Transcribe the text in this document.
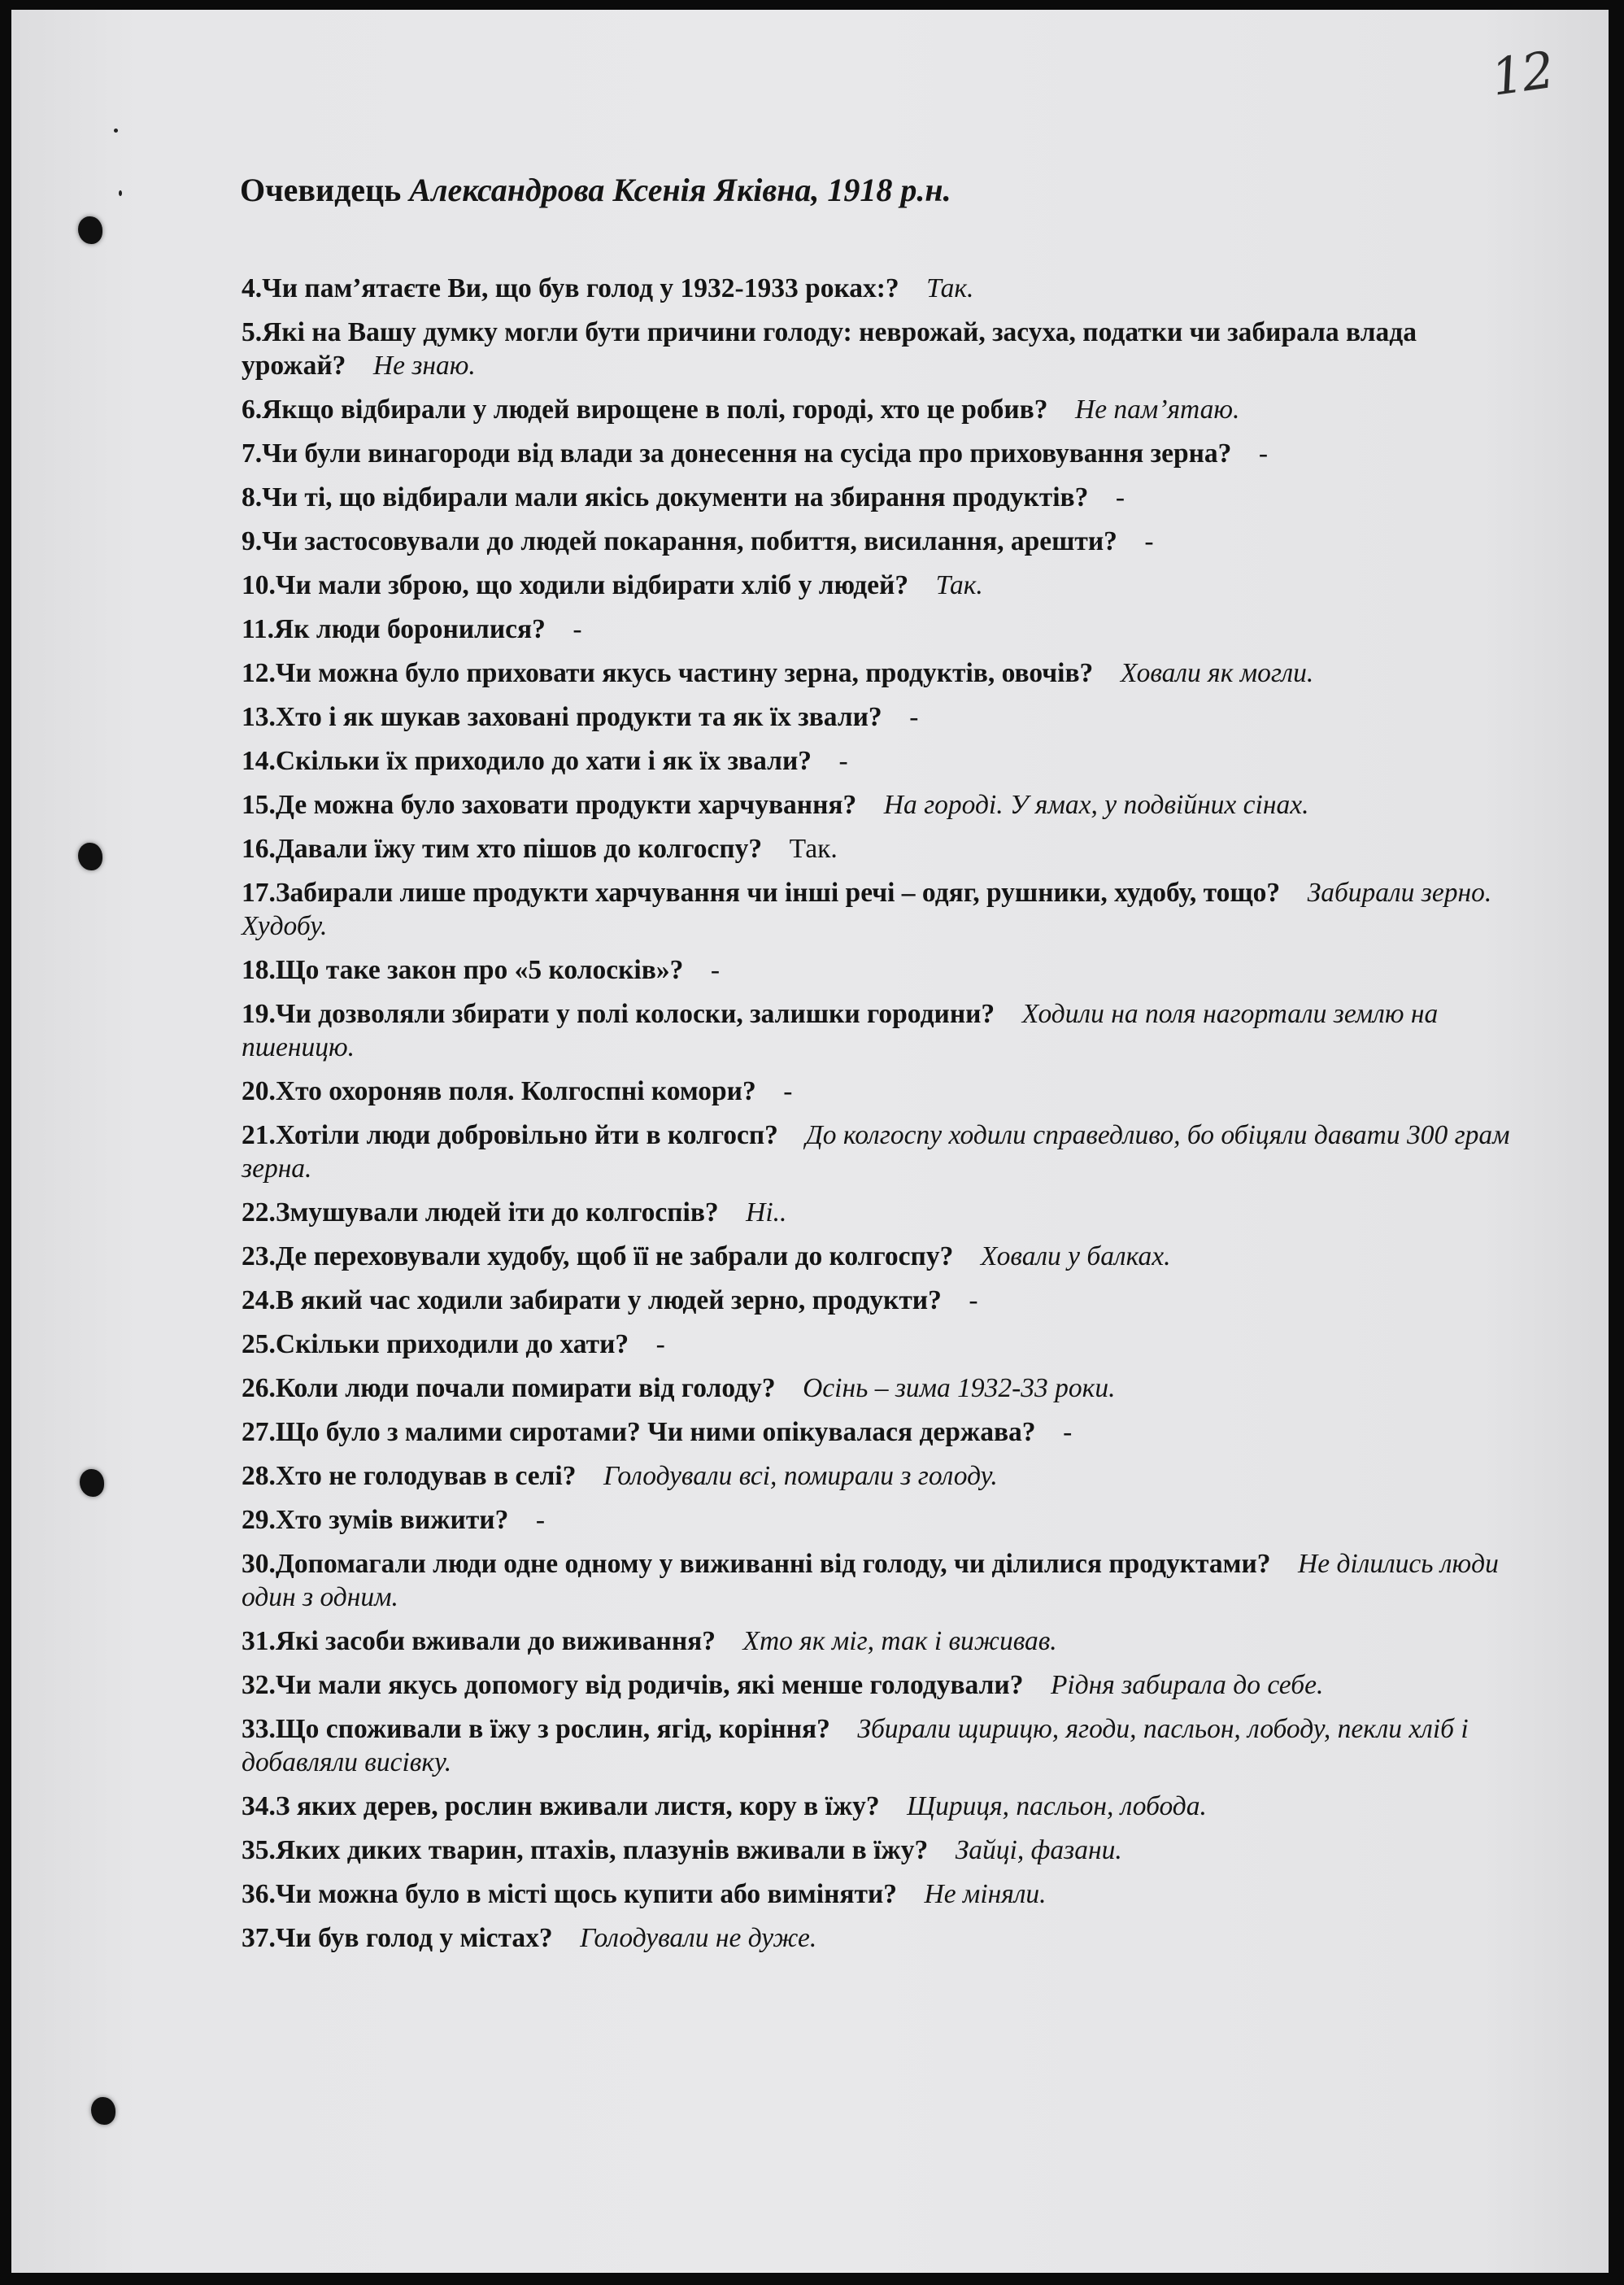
12
Очевидець Александрова Ксенія Яківна, 1918 р.н.
4.Чи пам’ятаєте Ви, що був голод у 1932-1933 роках:?  Так.
5.Які на Вашу думку могли бути причини голоду: неврожай, засуха, податки чи забирала влада урожай?  Не знаю.
6.Якщо відбирали у людей вирощене в полі, городі, хто це робив?  Не пам’ятаю.
7.Чи були винагороди від влади за донесення на сусіда про приховування зерна?  -
8.Чи ті, що відбирали мали якісь документи на збирання продуктів?  -
9.Чи застосовували до людей покарання, побиття, висилання, арешти?  -
10.Чи мали зброю, що ходили відбирати хліб у людей?  Так.
11.Як люди боронилися?  -
12.Чи можна було приховати якусь частину зерна, продуктів, овочів?  Ховали як могли.
13.Хто і як шукав заховані продукти та як їх звали?  -
14.Скільки їх приходило до хати і як їх звали?  -
15.Де можна було заховати продукти харчування?  На городі. У ямах, у подвійних сінах.
16.Давали їжу тим хто пішов до колгоспу?  Так.
17.Забирали лише продукти харчування чи інші речі – одяг, рушники, худобу, тощо?  Забирали зерно. Худобу.
18.Що таке закон про «5 колосків»?  -
19.Чи дозволяли збирати у полі колоски, залишки городини?  Ходили на поля нагортали землю на пшеницю.
20.Хто охороняв поля. Колгоспні комори?  -
21.Хотіли люди добровільно йти в колгосп?  До колгоспу ходили справедливо, бо обіцяли давати 300 грам зерна.
22.Змушували людей іти до колгоспів?  Ні..
23.Де переховували худобу, щоб її не забрали до колгоспу?  Ховали у балках.
24.В який час ходили забирати у людей зерно, продукти?  -
25.Скільки приходили до хати?  -
26.Коли люди почали помирати від голоду?  Осінь – зима 1932-33 роки.
27.Що було з малими сиротами? Чи ними опікувалася держава?  -
28.Хто не голодував в селі?  Голодували всі, помирали з голоду.
29.Хто зумів вижити?  -
30.Допомагали люди одне одному у виживанні від голоду, чи ділилися продуктами?  Не ділились люди один з одним.
31.Які засоби вживали до виживання?  Хто як міг, так і виживав.
32.Чи мали якусь допомогу від родичів, які менше голодували?  Рідня забирала до себе.
33.Що споживали в їжу з рослин, ягід, коріння?  Збирали щирицю, ягоди, пасльон, лободу, пекли хліб і добавляли висівку.
34.З яких дерев, рослин вживали листя, кору в їжу?  Щириця, пасльон, лобода.
35.Яких диких тварин, птахів, плазунів вживали в їжу?  Зайці, фазани.
36.Чи можна було в місті щось купити або виміняти?  Не міняли.
37.Чи був голод у містах?  Голодували не дуже.
